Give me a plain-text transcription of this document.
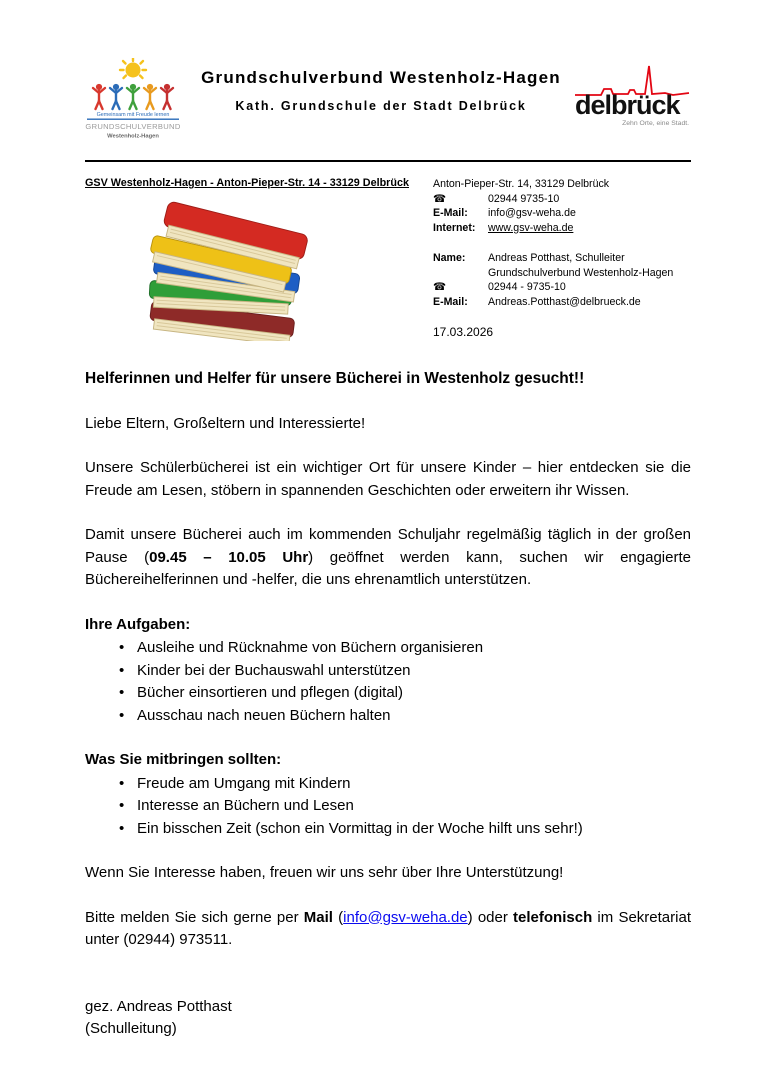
Gemeinsam mit Freude lernen
GRUNDSCHULVERBUND
Westenholz-Hagen
Grundschulverbund Westenholz-Hagen
Kath. Grundschule der Stadt Delbrück	delbrück
Zehn Orte, eine Stadt.
GSV Westenholz-Hagen - Anton-Pieper-Str. 14 - 33129 Delbrück	Anton-Pieper-Str. 14, 33129 Delbrück
☎	02944 9735-10
E-Mail:	info@gsv-weha.de
Internet:	www.gsv-weha.de
Name:	Andreas Potthast, Schulleiter
Grundschulverbund Westenholz-Hagen
☎	02944 - 9735-10
E-Mail:	Andreas.Potthast@delbrueck.de
17.03.2026
Helferinnen und Helfer für unsere Bücherei in Westenholz gesucht!!
Liebe Eltern, Großeltern und Interessierte!

Unsere Schülerbücherei ist ein wichtiger Ort für unsere Kinder – hier entdecken sie die Freude am Lesen, stöbern in spannenden Geschichten oder erweitern ihr Wissen.

Damit unsere Bücherei auch im kommenden Schuljahr regelmäßig täglich in der großen Pause (09.45 – 10.05 Uhr) geöffnet werden kann, suchen wir engagierte Büchereihelferinnen und -helfer, die uns ehrenamtlich unterstützen.

Ihre Aufgaben:
• Ausleihe und Rücknahme von Büchern organisieren
• Kinder bei der Buchauswahl unterstützen
• Bücher einsortieren und pflegen (digital)
• Ausschau nach neuen Büchern halten
Was Sie mitbringen sollten:
• Freude am Umgang mit Kindern
• Interesse an Büchern und Lesen
• Ein bisschen Zeit (schon ein Vormittag in der Woche hilft uns sehr!)

Wenn Sie Interesse haben, freuen wir uns sehr über Ihre Unterstützung!

Bitte melden Sie sich gerne per Mail (info@gsv-weha.de) oder telefonisch im Sekretariat unter (02944) 973511.

gez. Andreas Potthast
(Schulleitung)
